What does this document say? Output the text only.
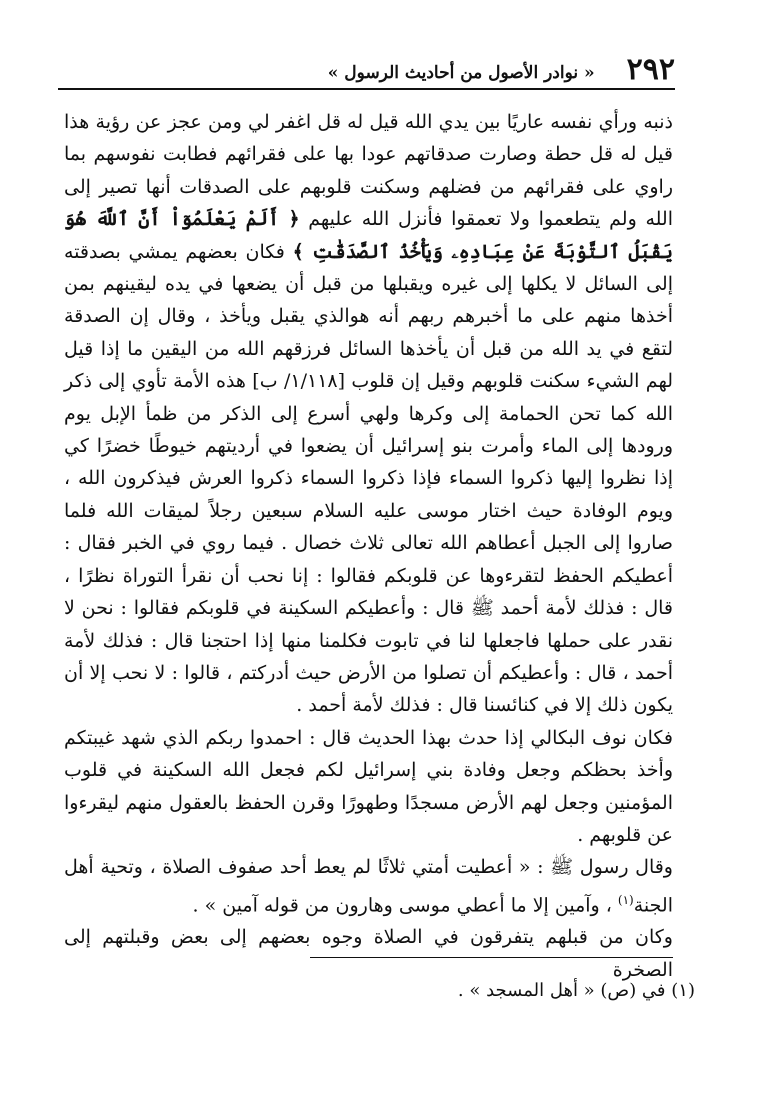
٢٩٢
« نوادر الأصول من أحاديث الرسول »

ذنبه ورأي نفسه عاريًا بين يدي الله قيل له قل اغفر لي ومن عجز عن رؤية هذا قيل له قل حطة وصارت صدقاتهم عودا بها على فقرائهم فطابت نفوسهم بما راوي على فقرائهم من فضلهم وسكنت قلوبهم على الصدقات أنها تصير إلى الله ولم يتطعموا ولا تعمقوا فأنزل الله عليهم ﴿ أَلَمْ يَعْلَمُوٓاْ أَنَّ ٱللَّهَ هُوَ يَقْبَلُ ٱلتَّوْبَةَ عَنْ عِبَادِهِۦ وَيَأْخُذُ ٱلصَّدَقَٰتِ ﴾ فكان بعضهم يمشي بصدقته إلى السائل لا يكلها إلى غيره ويقبلها من قبل أن يضعها في يده ليقينهم بمن أخذها منهم على ما أخبرهم ربهم أنه هوالذي يقبل ويأخذ ، وقال إن الصدقة لتقع في يد الله من قبل أن يأخذها السائل فرزقهم الله من اليقين ما إذا قيل لهم الشيء سكنت قلوبهم وقيل إن قلوب [١/١١٨/ ب] هذه الأمة تأوي إلى ذكر الله كما تحن الحمامة إلى وكرها ولهي أسرع إلى الذكر من ظمأ الإبل يوم ورودها إلى الماء وأمرت بنو إسرائيل أن يضعوا في أرديتهم خيوطًا خضرًا كي إذا نظروا إليها ذكروا السماء فإذا ذكروا السماء ذكروا العرش فيذكرون الله ، ويوم الوفادة حيث اختار موسى عليه السلام سبعين رجلاً لميقات الله فلما صاروا إلى الجبل أعطاهم الله تعالى ثلاث خصال . فيما روي في الخبر فقال : أعطيكم الحفظ لتقرءوها عن قلوبكم فقالوا : إنا نحب أن نقرأ التوراة نظرًا ، قال : فذلك لأمة أحمد ﷺ قال : وأعطيكم السكينة في قلوبكم فقالوا : نحن لا نقدر على حملها فاجعلها لنا في تابوت فكلمنا منها إذا احتجنا قال : فذلك لأمة أحمد ، قال : وأعطيكم أن تصلوا من الأرض حيث أدركتم ، قالوا : لا نحب إلا أن يكون ذلك إلا في كنائسنا قال : فذلك لأمة أحمد .

فكان نوف البكالي إذا حدث بهذا الحديث قال : احمدوا ربكم الذي شهد غيبتكم وأخذ بحظكم وجعل وفادة بني إسرائيل لكم فجعل الله السكينة في قلوب المؤمنين وجعل لهم الأرض مسجدًا وطهورًا وقرن الحفظ بالعقول منهم ليقرءوا عن قلوبهم .

وقال رسول ﷺ : « أعطيت أمتي ثلاثًا لم يعط أحد صفوف الصلاة ، وتحية أهل الجنة$^{(١)}$ ، وآمين إلا ما أعطي موسى وهارون من قوله آمين » .

وكان من قبلهم يتفرقون في الصلاة وجوه بعضهم إلى بعض وقبلتهم إلى الصخرة

(١) في (ص) « أهل المسجد » .
